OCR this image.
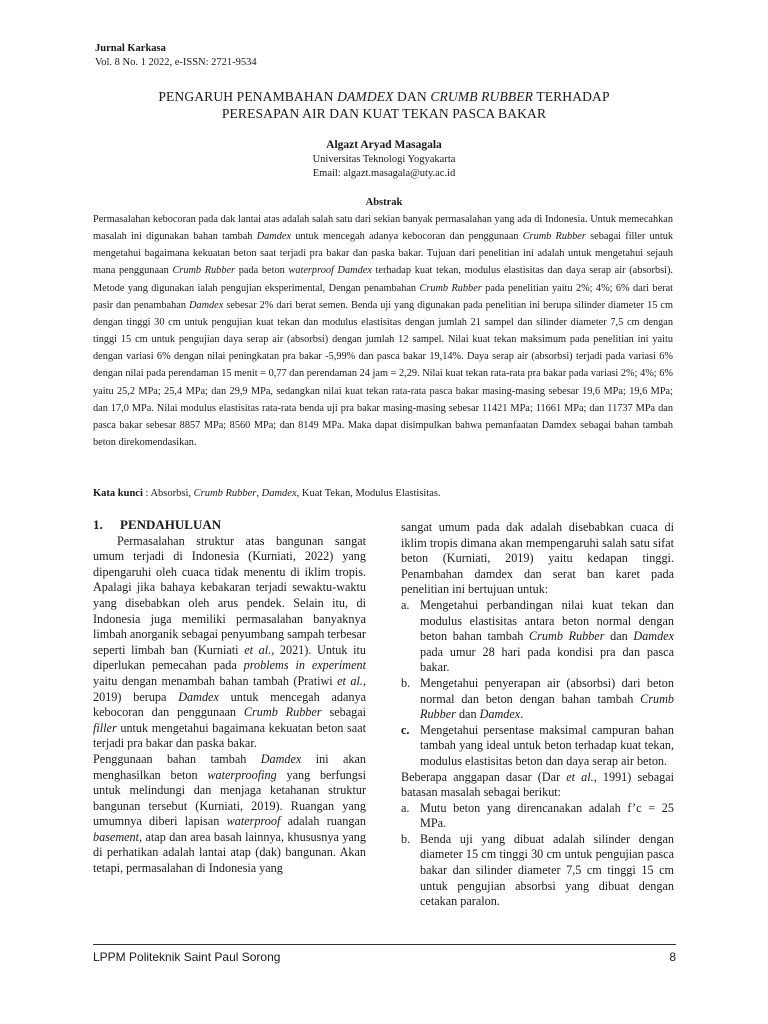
Jurnal Karkasa
Vol. 8 No. 1 2022, e-ISSN: 2721-9534
PENGARUH PENAMBAHAN DAMDEX DAN CRUMB RUBBER TERHADAP
PERESAPAN AIR DAN KUAT TEKAN PASCA BAKAR
Algazt Aryad Masagala
Universitas Teknologi Yogyakarta
Email: algazt.masagala@uty.ac.id
Abstrak

Permasalahan kebocoran pada dak lantai atas adalah salah satu dari sekian banyak permasalahan yang ada di Indonesia. Untuk memecahkan masalah ini digunakan bahan tambah Damdex untuk mencegah adanya kebocoran dan penggunaan Crumb Rubber sebagai filler untuk mengetahui bagaimana kekuatan beton saat terjadi pra bakar dan paska bakar. Tujuan dari penelitian ini adalah untuk mengetahui sejauh mana penggunaan Crumb Rubber pada beton waterproof Damdex terhadap kuat tekan, modulus elastisitas dan daya serap air (absorbsi). Metode yang digunakan ialah pengujian eksperimental, Dengan penambahan Crumb Rubber pada penelitian yaitu 2%; 4%; 6% dari berat pasir dan penambahan Damdex sebesar 2% dari berat semen. Benda uji yang digunakan pada penelitian ini berupa silinder diameter 15 cm dengan tinggi 30 cm untuk pengujian kuat tekan dan modulus elastisitas dengan jumlah 21 sampel dan silinder diameter 7,5 cm dengan tinggi 15 cm untuk pengujian daya serap air (absorbsi) dengan jumlah 12 sampel. Nilai kuat tekan maksimum pada penelitian ini yaitu dengan variasi 6% dengan nilai peningkatan pra bakar -5,99% dan pasca bakar 19,14%. Daya serap air (absorbsi) terjadi pada variasi 6% dengan nilai pada perendaman 15 menit = 0,77 dan perendaman 24 jam = 2,29. Nilai kuat tekan rata-rata pra bakar pada variasi 2%; 4%; 6% yaitu 25,2 MPa; 25,4 MPa; dan 29,9 MPa, sedangkan nilai kuat tekan rata-rata pasca bakar masing-masing sebesar 19,6 MPa; 19,6 MPa; dan 17,0 MPa. Nilai modulus elastisitas rata-rata benda uji pra bakar masing-masing sebesar 11421 MPa; 11661 MPa; dan 11737 MPa dan pasca bakar sebesar 8857 MPa; 8560 MPa; dan 8149 MPa. Maka dapat disimpulkan bahwa pemanfaatan Damdex sebagai bahan tambah beton direkomendasikan.

Kata kunci : Absorbsi, Crumb Rubber, Damdex, Kuat Tekan, Modulus Elastisitas.
1. PENDAHULUAN

Permasalahan struktur atas bangunan sangat umum terjadi di Indonesia (Kurniati, 2022) yang dipengaruhi oleh cuaca tidak menentu di iklim tropis. Apalagi jika bahaya kebakaran terjadi sewaktu-waktu yang disebabkan oleh arus pendek. Selain itu, di Indonesia juga memiliki permasalahan banyaknya limbah anorganik sebagai penyumbang sampah terbesar seperti limbah ban (Kurniati et al., 2021). Untuk itu diperlukan pemecahan pada problems in experiment yaitu dengan menambah bahan tambah (Pratiwi et al., 2019) berupa Damdex untuk mencegah adanya kebocoran dan penggunaan Crumb Rubber sebagai filler untuk mengetahui bagaimana kekuatan beton saat terjadi pra bakar dan paska bakar.

Penggunaan bahan tambah Damdex ini akan menghasilkan beton waterproofing yang berfungsi untuk melindungi dan menjaga ketahanan struktur bangunan tersebut (Kurniati, 2019). Ruangan yang umumnya diberi lapisan waterproof adalah ruangan basement, atap dan area basah lainnya, khususnya yang di perhatikan adalah lantai atap (dak) bangunan. Akan tetapi, permasalahan di Indonesia yang

sangat umum pada dak adalah disebabkan cuaca di iklim tropis dimana akan mempengaruhi salah satu sifat beton (Kurniati, 2019) yaitu kedapan tinggi. Penambahan damdex dan serat ban karet pada penelitian ini bertujuan untuk:

a. Mengetahui perbandingan nilai kuat tekan dan modulus elastisitas antara beton normal dengan beton bahan tambah Crumb Rubber dan Damdex pada umur 28 hari pada kondisi pra dan pasca bakar.
b. Mengetahui penyerapan air (absorbsi) dari beton normal dan beton dengan bahan tambah Crumb Rubber dan Damdex.
c. Mengetahui persentase maksimal campuran bahan tambah yang ideal untuk beton terhadap kuat tekan, modulus elastisitas beton dan daya serap air beton.

Beberapa anggapan dasar (Dar et al., 1991) sebagai batasan masalah sebagai berikut:

a. Mutu beton yang direncanakan adalah f’c = 25 MPa.
b. Benda uji yang dibuat adalah silinder dengan diameter 15 cm tinggi 30 cm untuk pengujian pasca bakar dan silinder diameter 7,5 cm tinggi 15 cm untuk pengujian absorbsi yang dibuat dengan cetakan paralon.
LPPM Politeknik Saint Paul Sorong	8
